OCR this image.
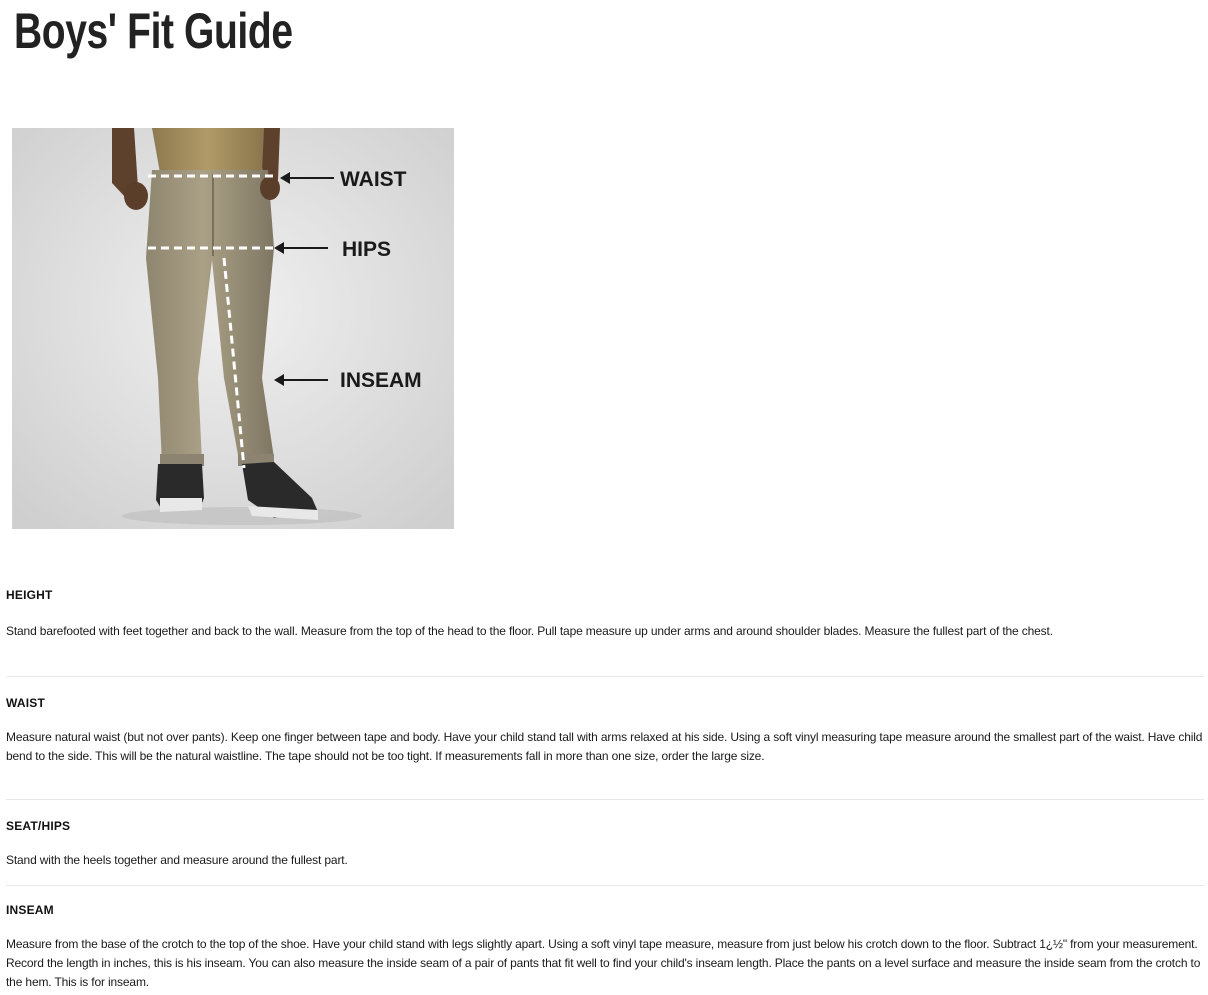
Boys' Fit Guide
WAIST
HIPS
INSEAM
HEIGHT

Stand barefooted with feet together and back to the wall. Measure from the top of the head to the floor. Pull tape measure up under arms and around shoulder blades. Measure the fullest part of the chest.

WAIST

Measure natural waist (but not over pants). Keep one finger between tape and body. Have your child stand tall with arms relaxed at his side. Using a soft vinyl measuring tape measure around the smallest part of the waist. Have child bend to the side. This will be the natural waistline. The tape should not be too tight. If measurements fall in more than one size, order the large size.

SEAT/HIPS

Stand with the heels together and measure around the fullest part.

INSEAM

Measure from the base of the crotch to the top of the shoe. Have your child stand with legs slightly apart. Using a soft vinyl tape measure, measure from just below his crotch down to the floor. Subtract 1¿½" from your measurement. Record the length in inches, this is his inseam. You can also measure the inside seam of a pair of pants that fit well to find your child's inseam length. Place the pants on a level surface and measure the inside seam from the crotch to the hem. This is for inseam.
